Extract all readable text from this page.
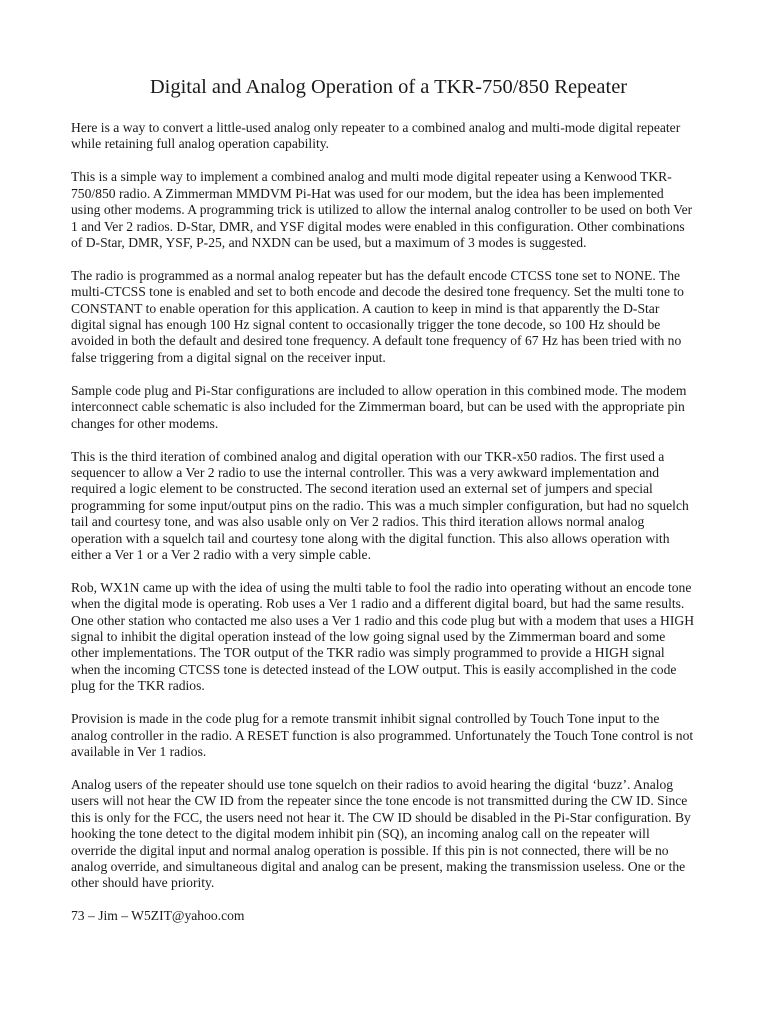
Digital and Analog Operation of a TKR-750/850 Repeater

Here is a way to convert a little-used analog only repeater to a combined analog and multi-mode digital repeater while retaining full analog operation capability.

This is a simple way to implement a combined analog and multi mode digital repeater using a Kenwood TKR-750/850 radio. A Zimmerman MMDVM Pi-Hat was used for our modem, but the idea has been implemented using other modems. A programming trick is utilized to allow the internal analog controller to be used on both Ver 1 and Ver 2 radios. D-Star, DMR, and YSF digital modes were enabled in this configuration. Other combinations of D-Star, DMR, YSF, P-25, and NXDN can be used, but a maximum of 3 modes is suggested.

The radio is programmed as a normal analog repeater but has the default encode CTCSS tone set to NONE. The multi-CTCSS tone is enabled and set to both encode and decode the desired tone frequency. Set the multi tone to CONSTANT to enable operation for this application. A caution to keep in mind is that apparently the D-Star digital signal has enough 100 Hz signal content to occasionally trigger the tone decode, so 100 Hz should be avoided in both the default and desired tone frequency. A default tone frequency of 67 Hz has been tried with no false triggering from a digital signal on the receiver input.

Sample code plug and Pi-Star configurations are included to allow operation in this combined mode. The modem interconnect cable schematic is also included for the Zimmerman board, but can be used with the appropriate pin changes for other modems.

This is the third iteration of combined analog and digital operation with our TKR-x50 radios. The first used a sequencer to allow a Ver 2 radio to use the internal controller. This was a very awkward implementation and required a logic element to be constructed. The second iteration used an external set of jumpers and special programming for some input/output pins on the radio. This was a much simpler configuration, but had no squelch tail and courtesy tone, and was also usable only on Ver 2 radios. This third iteration allows normal analog operation with a squelch tail and courtesy tone along with the digital function. This also allows operation with either a Ver 1 or a Ver 2 radio with a very simple cable.

Rob, WX1N came up with the idea of using the multi table to fool the radio into operating without an encode tone when the digital mode is operating. Rob uses a Ver 1 radio and a different digital board, but had the same results. One other station who contacted me also uses a Ver 1 radio and this code plug but with a modem that uses a HIGH signal to inhibit the digital operation instead of the low going signal used by the Zimmerman board and some other implementations. The TOR output of the TKR radio was simply programmed to provide a HIGH signal when the incoming CTCSS tone is detected instead of the LOW output. This is easily accomplished in the code plug for the TKR radios.

Provision is made in the code plug for a remote transmit inhibit signal controlled by Touch Tone input to the analog controller in the radio. A RESET function is also programmed. Unfortunately the Touch Tone control is not available in Ver 1 radios.

Analog users of the repeater should use tone squelch on their radios to avoid hearing the digital ‘buzz’. Analog users will not hear the CW ID from the repeater since the tone encode is not transmitted during the CW ID. Since this is only for the FCC, the users need not hear it. The CW ID should be disabled in the Pi-Star configuration. By hooking the tone detect to the digital modem inhibit pin (SQ), an incoming analog call on the repeater will override the digital input and normal analog operation is possible. If this pin is not connected, there will be no analog override, and simultaneous digital and analog can be present, making the transmission useless. One or the other should have priority.

73 – Jim – W5ZIT@yahoo.com
